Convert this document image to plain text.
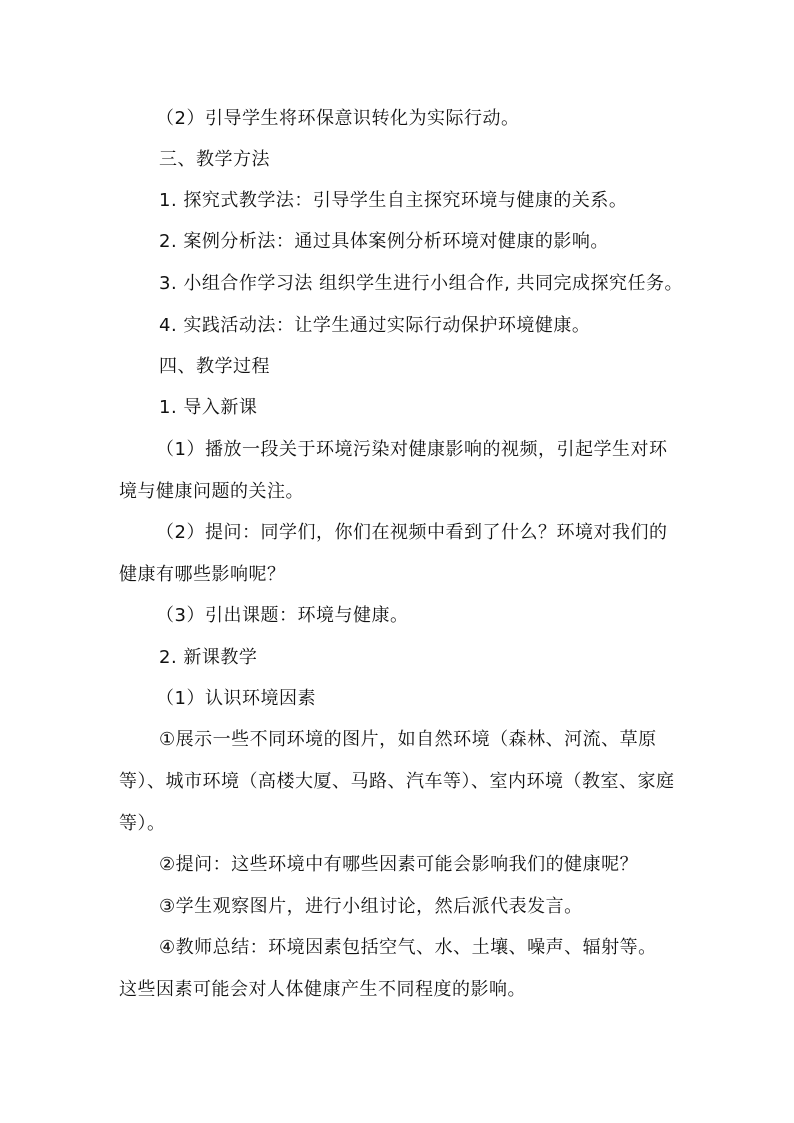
（2）引导学生将环保意识转化为实际行动。
三、教学方法
1. 探究式教学法：引导学生自主探究环境与健康的关系。
2. 案例分析法：通过具体案例分析环境对健康的影响。
3. 小组合作学习法 组织学生进行小组合作, 共同完成探究任务。
4. 实践活动法：让学生通过实际行动保护环境健康。
四、教学过程
1. 导入新课
（1）播放一段关于环境污染对健康影响的视频，引起学生对环
境与健康问题的关注。
（2）提问：同学们，你们在视频中看到了什么？环境对我们的
健康有哪些影响呢？
（3）引出课题：环境与健康。
2. 新课教学
（1）认识环境因素
①展示一些不同环境的图片，如自然环境（森林、河流、草原
等）、城市环境（高楼大厦、马路、汽车等）、室内环境（教室、家庭
等）。
②提问：这些环境中有哪些因素可能会影响我们的健康呢？
③学生观察图片，进行小组讨论，然后派代表发言。
④教师总结：环境因素包括空气、水、土壤、噪声、辐射等。
这些因素可能会对人体健康产生不同程度的影响。
